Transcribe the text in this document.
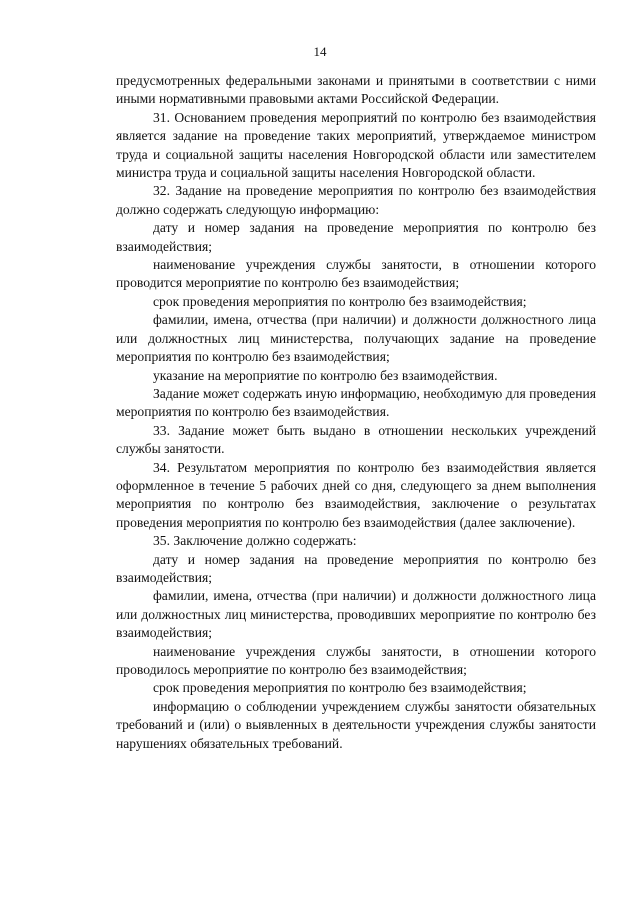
14

предусмотренных федеральными законами и принятыми в соответствии с ними иными нормативными правовыми актами Российской Федерации.

31. Основанием проведения мероприятий по контролю без взаимодействия является задание на проведение таких мероприятий, утверждаемое министром труда и социальной защиты населения Новгородской области или заместителем министра труда и социальной защиты населения Новгородской области.

32. Задание на проведение мероприятия по контролю без взаимодействия должно содержать следующую информацию:

дату и номер задания на проведение мероприятия по контролю без взаимодействия;

наименование учреждения службы занятости, в отношении которого проводится мероприятие по контролю без взаимодействия;

срок проведения мероприятия по контролю без взаимодействия;

фамилии, имена, отчества (при наличии) и должности должностного лица или должностных лиц министерства, получающих задание на проведение мероприятия по контролю без взаимодействия;

указание на мероприятие по контролю без взаимодействия.

Задание может содержать иную информацию, необходимую для проведения мероприятия по контролю без взаимодействия.

33. Задание может быть выдано в отношении нескольких учреждений службы занятости.

34. Результатом мероприятия по контролю без взаимодействия является оформленное в течение 5 рабочих дней со дня, следующего за днем выполнения мероприятия по контролю без взаимодействия, заключение о результатах проведения мероприятия по контролю без взаимодействия (далее заключение).

35. Заключение должно содержать:

дату и номер задания на проведение мероприятия по контролю без взаимодействия;

фамилии, имена, отчества (при наличии) и должности должностного лица или должностных лиц министерства, проводивших мероприятие по контролю без взаимодействия;

наименование учреждения службы занятости, в отношении которого проводилось мероприятие по контролю без взаимодействия;

срок проведения мероприятия по контролю без взаимодействия;

информацию о соблюдении учреждением службы занятости обязательных требований и (или) о выявленных в деятельности учреждения службы занятости нарушениях обязательных требований.
